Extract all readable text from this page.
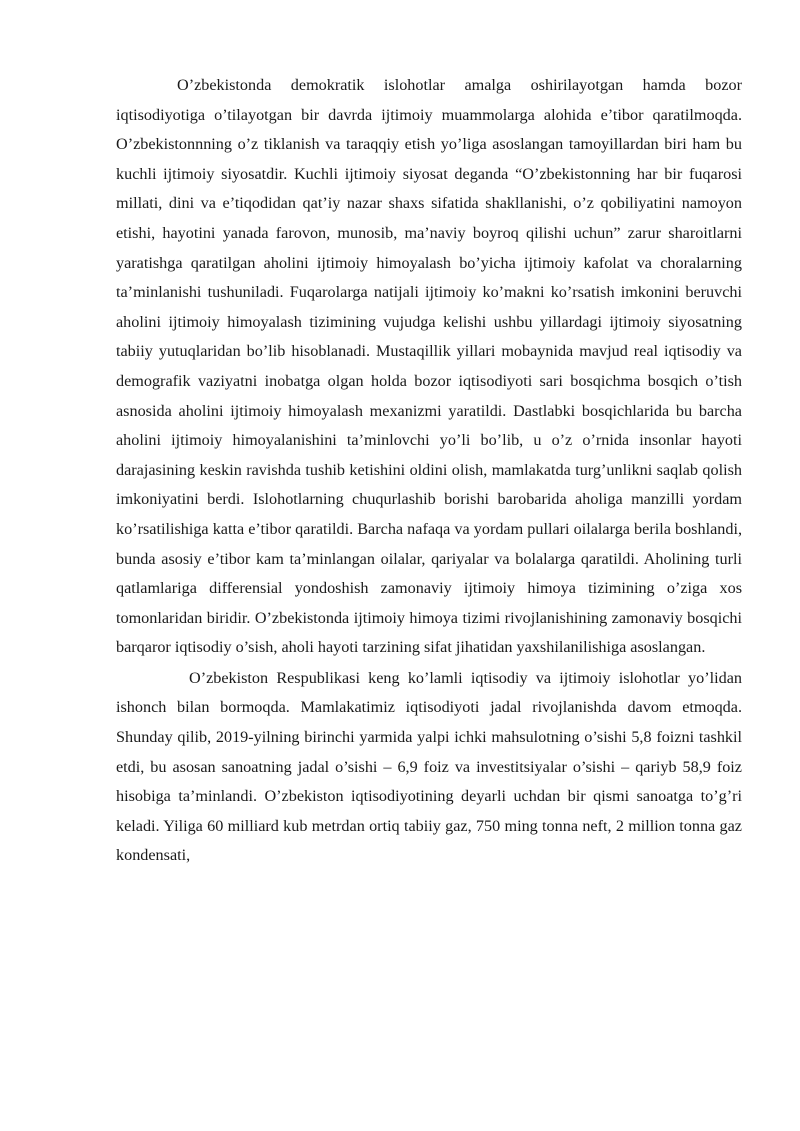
O’zbekistonda demokratik islohotlar amalga oshirilayotgan hamda bozor iqtisodiyotiga o’tilayotgan bir davrda ijtimoiy muammolarga alohida e’tibor qaratilmoqda. O’zbekistonnning o’z tiklanish va taraqqiy etish yo’liga asoslangan tamoyillardan biri ham bu kuchli ijtimoiy siyosatdir. Kuchli ijtimoiy siyosat deganda “O’zbekistonning har bir fuqarosi millati, dini va e’tiqodidan qat’iy nazar shaxs sifatida shakllanishi, o’z qobiliyatini namoyon etishi, hayotini yanada farovon, munosib, ma’naviy boyroq qilishi uchun” zarur sharoitlarni yaratishga qaratilgan aholini ijtimoiy himoyalash bo’yicha ijtimoiy kafolat va choralarning ta’minlanishi tushuniladi. Fuqarolarga natijali ijtimoiy ko’makni ko’rsatish imkonini beruvchi aholini ijtimoiy himoyalash tizimining vujudga kelishi ushbu yillardagi ijtimoiy siyosatning tabiiy yutuqlaridan bo’lib hisoblanadi. Mustaqillik yillari mobaynida mavjud real iqtisodiy va demografik vaziyatni inobatga olgan holda bozor iqtisodiyoti sari bosqichma bosqich o’tish asnosida aholini ijtimoiy himoyalash mexanizmi yaratildi. Dastlabki bosqichlarida bu barcha aholini ijtimoiy himoyalanishini ta’minlovchi yo’li bo’lib, u o’z o’rnida insonlar hayoti darajasining keskin ravishda tushib ketishini oldini olish, mamlakatda turg’unlikni saqlab qolish imkoniyatini berdi. Islohotlarning chuqurlashib borishi barobarida aholiga manzilli yordam ko’rsatilishiga katta e’tibor qaratildi. Barcha nafaqa va yordam pullari oilalarga berila boshlandi, bunda asosiy e’tibor kam ta’minlangan oilalar, qariyalar va bolalarga qaratildi. Aholining turli qatlamlariga differensial yondoshish zamonaviy ijtimoiy himoya tizimining o’ziga xos tomonlaridan biridir. O’zbekistonda ijtimoiy himoya tizimi rivojlanishining zamonaviy bosqichi barqaror iqtisodiy o’sish, aholi hayoti tarzining sifat jihatidan yaxshilanilishiga asoslangan.

O’zbekiston Respublikasi keng ko’lamli iqtisodiy va ijtimoiy islohotlar yo’lidan ishonch bilan bormoqda. Mamlakatimiz iqtisodiyoti jadal rivojlanishda davom etmoqda. Shunday qilib, 2019-yilning birinchi yarmida yalpi ichki mahsulotning o’sishi 5,8 foizni tashkil etdi, bu asosan sanoatning jadal o’sishi – 6,9 foiz va investitsiyalar o’sishi – qariyb 58,9 foiz hisobiga ta’minlandi. O’zbekiston iqtisodiyotining deyarli uchdan bir qismi sanoatga to’g’ri keladi. Yiliga 60 milliard kub metrdan ortiq tabiiy gaz, 750 ming tonna neft, 2 million tonna gaz kondensati,
